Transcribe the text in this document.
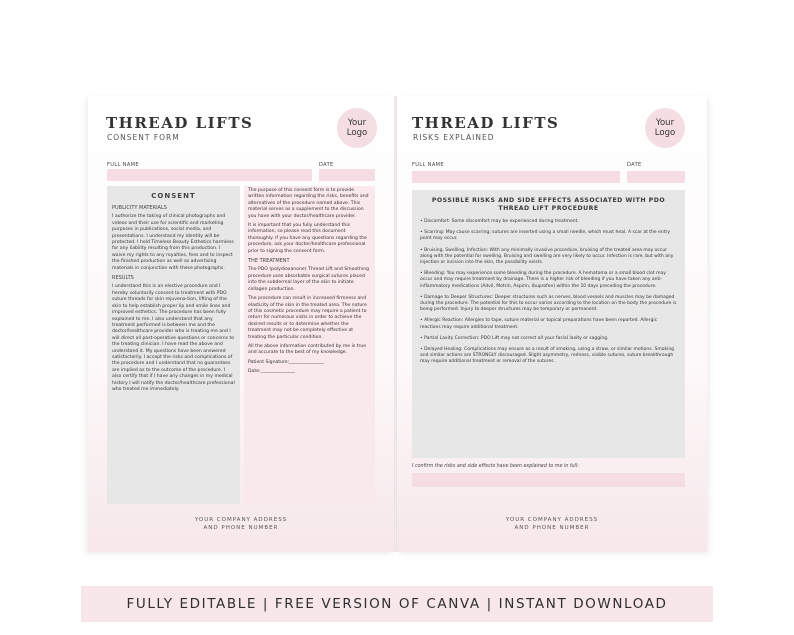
THREAD LIFTS
CONSENT FORM
Your
Logo
FULL NAME	DATE
CONSENT
PUBLICITY MATERIALS

I authorize the taking of clinical photographs and videos and their use for scientific and marketing purposes in publications, social media, and presentations. I understand my identity will be protected. I hold Timeless Beauty Esthetics harmless for any liability resulting from this production. I waive my rights to any royalties, fees and to inspect the finished production as well as advertising materials in conjunction with these photographs.

RESULTS

I understand this is an elective procedure and I hereby voluntarily consent to treatment with PDO suture threads for skin rejuvena-tion, lifting of the skin to help establish proper lip and smile lines and improved esthetics. The procedure has been fully explained to me. I also understand that any treatment performed is between me and the doctor/healthcare provider who is treating me and I will direct all post-operative questions or concerns to the treating clinician. I have read the above and understand it. My questions have been answered satisfactorily. I accept the risks and complications of the procedure and I understand that no guarantees are implied as to the outcome of the procedure. I also certify that if I have any changes in my medical history I will notify the doctor/healthcare professional who treated me immediately.

The purpose of this consent form is to provide written information regarding the risks, benefits and alternatives of the procedure named above. This material serves as a supplement to the discussion you have with your doctor/healthcare provider.

It is important that you fully understand this information, so please read this document thoroughly. If you have any questions regarding the procedure, ask your doctor/healthcare professional prior to signing the consent form.

THE TREATMENT

The PDO (polydioxanone) Thread Lift and Smoothing procedure uses absorbable surgical sutures placed into the subdermal layer of the skin to initiate collagen production.

The procedure can result in increased firmness and elasticity of the skin in the treated area. The nature of this cosmetic procedure may require a patient to return for numerous visits in order to achieve the desired results or to determine whether the treatment may not be completely effective at treating the particular condition.

All the above information contributed by me is true and accurate to the best of my knowledge.

Patient Signature:_______________

Date:_______________

YOUR COMPANY ADDRESS
AND PHONE NUMBER
THREAD LIFTS
RISKS EXPLAINED
Your
Logo
FULL NAME	DATE
POSSIBLE RISKS AND SIDE EFFECTS ASSOCIATED WITH PDO THREAD LIFT PROCEDURE
• Discomfort: Some discomfort may be experienced during treatment.
• Scarring: May cause scarring; sutures are inserted using a small needle, which must heal. A scar at the entry point may occur.
• Bruising, Swelling, Infection: With any minimally invasive procedure, bruising of the treated area may occur along with the potential for swelling. Bruising and swelling are very likely to occur. Infection is rare, but with any injection or incision into the skin, the possibility exists.
• Bleeding: You may experience some bleeding during the procedure. A hematoma or a small blood clot may occur and may require treatment by drainage. There is a higher risk of bleeding if you have taken any anti-inflammatory medications (Advil, Motrin, Aspirin, Ibuprofen) within the 10 days preceding the procedure.
• Damage to Deeper Structures: Deeper structures such as nerves, blood vessels and muscles may be damaged during the procedure. The potential for this to occur varies according to the location on the body the procedure is being performed. Injury to deeper structures may be temporary or permanent.
• Allergic Reaction: Allergies to tape, suture material or topical preparations have been reported. Allergic reactions may require additional treatment.
• Partial Laxity Correction: PDO Lift may not correct all your facial laxity or sagging.
• Delayed Healing: Complications may ensure as a result of smoking, using a straw, or similar motions. Smoking and similar actions are STRONGLY discouraged. Slight asymmetry, redness, visible sutures, suture breakthrough may require additional treatment or removal of the sutures.
I confirm the risks and side effects have been explained to me in full:
YOUR COMPANY ADDRESS
AND PHONE NUMBER
FULLY EDITABLE | FREE VERSION OF CANVA | INSTANT DOWNLOAD
